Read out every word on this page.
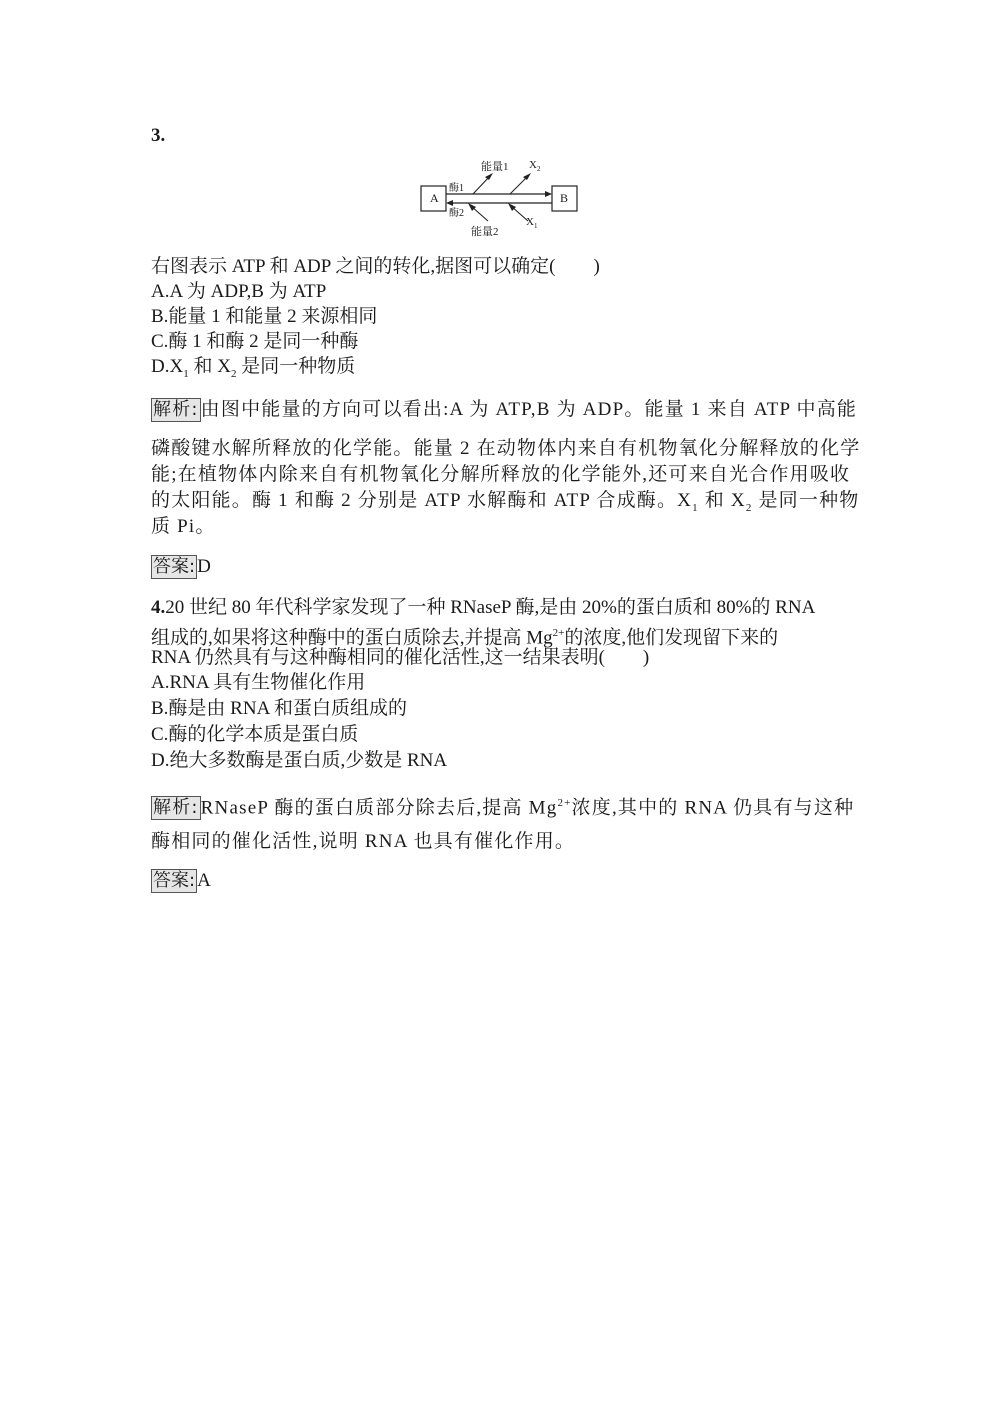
3.
A	B
酶1
酶2
能量1
能量2
$X_2$
$X_1$
右图表示 ATP 和 ADP 之间的转化,据图可以确定(　　)
A.A 为 ADP,B 为 ATP
B.能量 1 和能量 2 来源相同
C.酶 1 和酶 2 是同一种酶
$D.X_1$ 和 $X_2$ 是同一种物质
解析: 由图中能量的方向可以看出:A 为 ATP,B 为 ADP。能量 1 来自 ATP 中高能
磷酸键水解所释放的化学能。能量 2 在动物体内来自有机物氧化分解释放的化学
能;在植物体内除来自有机物氧化分解所释放的化学能外,还可来自光合作用吸收
的太阳能。酶 1 和酶 2 分别是 ATP 水解酶和 ATP 合成酶。$X_1$ 和 $X_2$ 是同一种物
质 Pi。
答案: D
4.20 世纪 80 年代科学家发现了一种 RNaseP 酶,是由 20%的蛋白质和 80%的 RNA
组成的,如果将这种酶中的蛋白质除去,并提高 $Mg^{2+}$的浓度,他们发现留下来的
RNA 仍然具有与这种酶相同的催化活性,这一结果表明(　　)
A.RNA 具有生物催化作用
B.酶是由 RNA 和蛋白质组成的
C.酶的化学本质是蛋白质
D.绝大多数酶是蛋白质,少数是 RNA
解析: RNaseP 酶的蛋白质部分除去后,提高 $Mg^{2+}$浓度,其中的 RNA 仍具有与这种
酶相同的催化活性,说明 RNA 也具有催化作用。
答案: A
